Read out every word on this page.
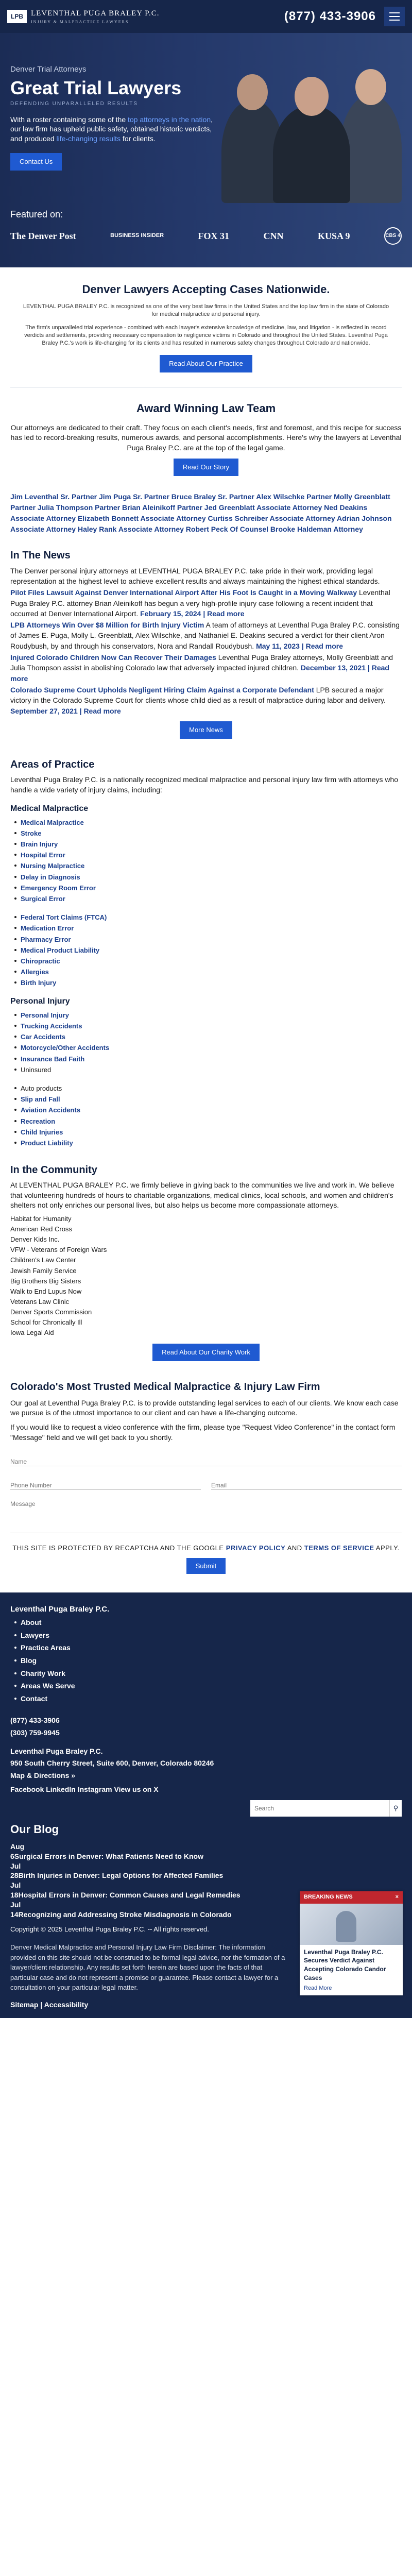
LPB	LEVENTHAL PUGA BRALEY P.C.
INJURY & MALPRACTICE LAWYERS	(877) 433-3906
Denver Trial Attorneys
Great Trial Lawyers
DEFENDING UNPARALLELED RESULTS

With a roster containing some of the top attorneys in the nation, our law firm has upheld public safety, obtained historic verdicts, and produced life-changing results for clients.

Contact Us
Featured on:
The Denver Post	BUSINESS INSIDER	FOX 31	CNN	KUSA 9	CBS 4
Denver Lawyers Accepting Cases Nationwide.

LEVENTHAL PUGA BRALEY P.C. is recognized as one of the very best law firms in the United States and the top law firm in the state of Colorado for medical malpractice and personal injury.

The firm's unparalleled trial experience - combined with each lawyer's extensive knowledge of medicine, law, and litigation - is reflected in record verdicts and settlements, providing necessary compensation to negligence victims in Colorado and throughout the United States. Leventhal Puga Braley P.C.'s work is life-changing for its clients and has resulted in numerous safety changes throughout Colorado and nationwide.

Read About Our Practice
Award Winning Law Team

Our attorneys are dedicated to their craft. They focus on each client's needs, first and foremost, and this recipe for success has led to record-breaking results, numerous awards, and personal accomplishments. Here's why the lawyers at Leventhal Puga Braley P.C. are at the top of the legal game.

Read Our Story
Jim Leventhal Sr. Partner Jim Puga Sr. Partner Bruce Braley Sr. Partner Alex Wilschke Partner Molly Greenblatt Partner Julia Thompson Partner Brian Aleinikoff Partner Jed Greenblatt Associate Attorney Ned Deakins Associate Attorney Elizabeth Bonnett Associate Attorney Curtiss Schreiber Associate Attorney Adrian Johnson Associate Attorney Haley Rank Associate Attorney Robert Peck Of Counsel Brooke Haldeman Attorney
In The News

The Denver personal injury attorneys at LEVENTHAL PUGA BRALEY P.C. take pride in their work, providing legal representation at the highest level to achieve excellent results and always maintaining the highest ethical standards.

Pilot Files Lawsuit Against Denver International Airport After His Foot Is Caught in a Moving Walkway Leventhal Puga Braley P.C. attorney Brian Aleinikoff has begun a very high-profile injury case following a recent incident that occurred at Denver International Airport. February 15, 2024 | Read more

LPB Attorneys Win Over $8 Million for Birth Injury Victim A team of attorneys at Leventhal Puga Braley P.C. consisting of James E. Puga, Molly L. Greenblatt, Alex Wilschke, and Nathaniel E. Deakins secured a verdict for their client Aron Roudybush, by and through his conservators, Nora and Randall Roudybush. May 11, 2023 | Read more

Injured Colorado Children Now Can Recover Their Damages Leventhal Puga Braley attorneys, Molly Greenblatt and Julia Thompson assist in abolishing Colorado law that adversely impacted injured children. December 13, 2021 | Read more

Colorado Supreme Court Upholds Negligent Hiring Claim Against a Corporate Defendant LPB secured a major victory in the Colorado Supreme Court for clients whose child died as a result of malpractice during labor and delivery. September 27, 2021 | Read more

More News
Areas of Practice

Leventhal Puga Braley P.C. is a nationally recognized medical malpractice and personal injury law firm with attorneys who handle a wide variety of injury claims, including:

Medical Malpractice
Medical Malpractice
Stroke
Brain Injury
Hospital Error
Nursing Malpractice
Delay in Diagnosis
Emergency Room Error
Surgical Error
Federal Tort Claims (FTCA)
Medication Error
Pharmacy Error
Medical Product Liability
Chiropractic
Allergies
Birth Injury
Personal Injury
Personal Injury
Trucking Accidents
Car Accidents
Motorcycle/Other Accidents
Insurance Bad Faith
Uninsured
Auto products
Slip and Fall
Aviation Accidents
Recreation
Child Injuries
Product Liability
In the Community

At LEVENTHAL PUGA BRALEY P.C. we firmly believe in giving back to the communities we live and work in. We believe that volunteering hundreds of hours to charitable organizations, medical clinics, local schools, and women and children's shelters not only enriches our personal lives, but also helps us become more compassionate attorneys.

Habitat for Humanity
American Red Cross
Denver Kids Inc.
VFW - Veterans of Foreign Wars
Children's Law Center
Jewish Family Service
Big Brothers Big Sisters
Walk to End Lupus Now
Veterans Law Clinic
Denver Sports Commission
School for Chronically Ill
Iowa Legal Aid
Read About Our Charity Work
Colorado's Most Trusted Medical Malpractice & Injury Law Firm

Our goal at Leventhal Puga Braley P.C. is to provide outstanding legal services to each of our clients. We know each case we pursue is of the utmost importance to our client and can have a life-changing outcome.

If you would like to request a video conference with the firm, please type "Request Video Conference" in the contact form "Message" field and we will get back to you shortly.

Name
Phone Number
Email
Message
THIS SITE IS PROTECTED BY RECAPTCHA AND THE GOOGLE PRIVACY POLICY AND TERMS OF SERVICE APPLY.
Submit
Leventhal Puga Braley P.C.
About
Lawyers
Practice Areas
Blog
Charity Work
Areas We Serve
Contact
(877) 433-3906
(303) 759-9945
Leventhal Puga Braley P.C.
950 South Cherry Street, Suite 600, Denver, Colorado 80246
Map & Directions »
Facebook LinkedIn Instagram View us on X
Search
⚲
Our Blog

Aug
6Surgical Errors in Denver: What Patients Need to Know

Jul
28Birth Injuries in Denver: Legal Options for Affected Families

Jul
18Hospital Errors in Denver: Common Causes and Legal Remedies

Jul
14Recognizing and Addressing Stroke Misdiagnosis in Colorado

Copyright © 2025 Leventhal Puga Braley P.C. -- All rights reserved.
Denver Medical Malpractice and Personal Injury Law Firm Disclaimer: The information provided on this site should not be construed to be formal legal advice, nor the formation of a lawyer/client relationship. Any results set forth herein are based upon the facts of that particular case and do not represent a promise or guarantee. Please contact a lawyer for a consultation on your particular legal matter.
Sitemap | Accessibility
BREAKING NEWS	×
Leventhal Puga Braley P.C. Secures Verdict Against Accepting Colorado Candor Cases
Read More
